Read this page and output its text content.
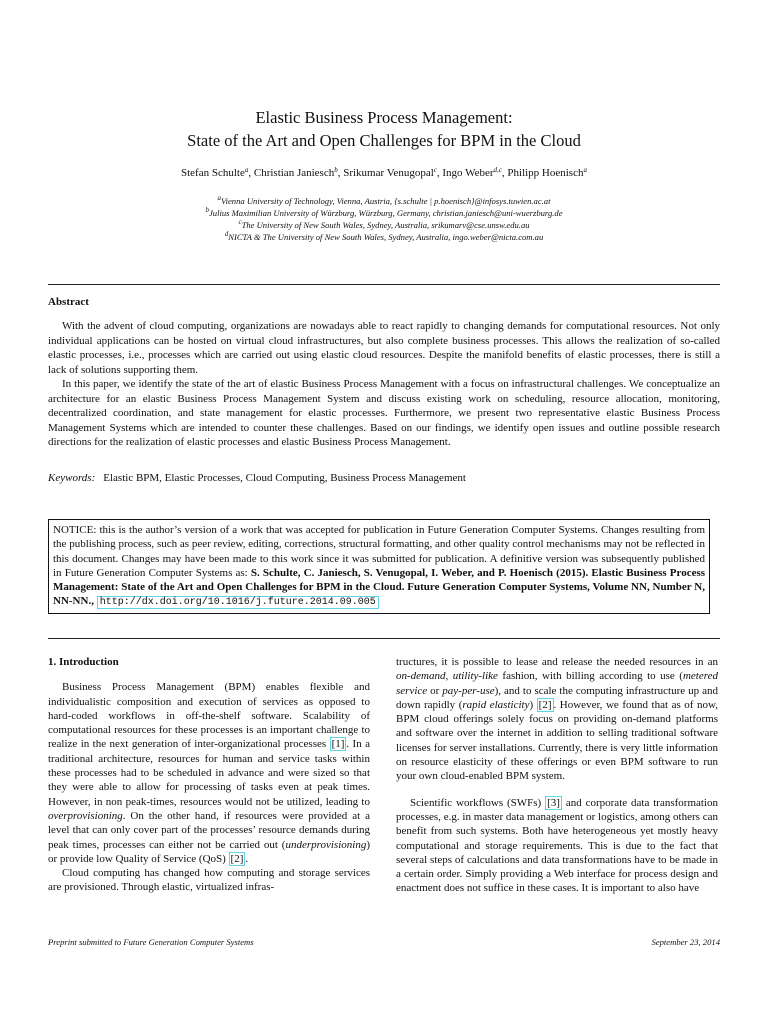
Elastic Business Process Management:
State of the Art and Open Challenges for BPM in the Cloud
Stefan Schulte$^a$, Christian Janiesch$^b$, Srikumar Venugopal$^c$, Ingo Weber$^{d,c}$, Philipp Hoenisch$^a$
$^a$Vienna University of Technology, Vienna, Austria, {s.schulte | p.hoenisch}@infosys.tuwien.ac.at
$^b$Julius Maximilian University of Würzburg, Würzburg, Germany, christian.janiesch@uni-wuerzburg.de
$^c$The University of New South Wales, Sydney, Australia, srikumarv@cse.unsw.edu.au
$^d$NICTA & The University of New South Wales, Sydney, Australia, ingo.weber@nicta.com.au
Abstract

With the advent of cloud computing, organizations are nowadays able to react rapidly to changing demands for computational resources. Not only individual applications can be hosted on virtual cloud infrastructures, but also complete business processes. This allows the realization of so-called elastic processes, i.e., processes which are carried out using elastic cloud resources. Despite the manifold benefits of elastic processes, there is still a lack of solutions supporting them.

In this paper, we identify the state of the art of elastic Business Process Management with a focus on infrastructural challenges. We conceptualize an architecture for an elastic Business Process Management System and discuss existing work on scheduling, resource allocation, monitoring, decentralized coordination, and state management for elastic processes. Furthermore, we present two representative elastic Business Process Management Systems which are intended to counter these challenges. Based on our findings, we identify open issues and outline possible research directions for the realization of elastic processes and elastic Business Process Management.

Keywords: Elastic BPM, Elastic Processes, Cloud Computing, Business Process Management
NOTICE: this is the author’s version of a work that was accepted for publication in Future Generation Computer Systems. Changes resulting from the publishing process, such as peer review, editing, corrections, structural formatting, and other quality control mechanisms may not be reflected in this document. Changes may have been made to this work since it was submitted for publication. A definitive version was subsequently published in Future Generation Computer Systems as: S. Schulte, C. Janiesch, S. Venugopal, I. Weber, and P. Hoenisch (2015). Elastic Business Process Management: State of the Art and Open Challenges for BPM in the Cloud. Future Generation Computer Systems, Volume NN, Number N, NN-NN., http://dx.doi.org/10.1016/j.future.2014.09.005

1. Introduction

Business Process Management (BPM) enables flexible and individualistic composition and execution of services as opposed to hard-coded workflows in off-the-shelf software. Scalability of computational resources for these processes is an important challenge to realize in the next generation of inter-organizational processes [1] . In a traditional architecture, resources for human and service tasks within these processes had to be scheduled in advance and were sized so that they were able to allow for processing of tasks even at peak times. However, in non peak-times, resources would not be utilized, leading to overprovisioning. On the other hand, if resources were provided at a level that can only cover part of the processes’ resource demands during peak times, processes can either not be carried out (underprovisioning) or provide low Quality of Service (QoS) [2] .

Cloud computing has changed how computing and storage services are provisioned. Through elastic, virtualized infras-

tructures, it is possible to lease and release the needed resources in an on-demand, utility-like fashion, with billing according to use (metered service or pay-per-use), and to scale the computing infrastructure up and down rapidly (rapid elasticity) [2] . However, we found that as of now, BPM cloud offerings solely focus on providing on-demand platforms and software over the internet in addition to selling traditional software licenses for server installations. Currently, there is very little information on resource elasticity of these offerings or even BPM software to run your own cloud-enabled BPM system.

Scientific workflows (SWFs) [3] and corporate data transformation processes, e.g. in master data management or logistics, among others can benefit from such systems. Both have heterogeneous yet mostly heavy computational and storage requirements. This is due to the fact that several steps of calculations and data transformations have to be made in a certain order. Simply providing a Web interface for process design and enactment does not suffice in these cases. It is important to also have

Preprint submitted to Future Generation Computer Systems	September 23, 2014
